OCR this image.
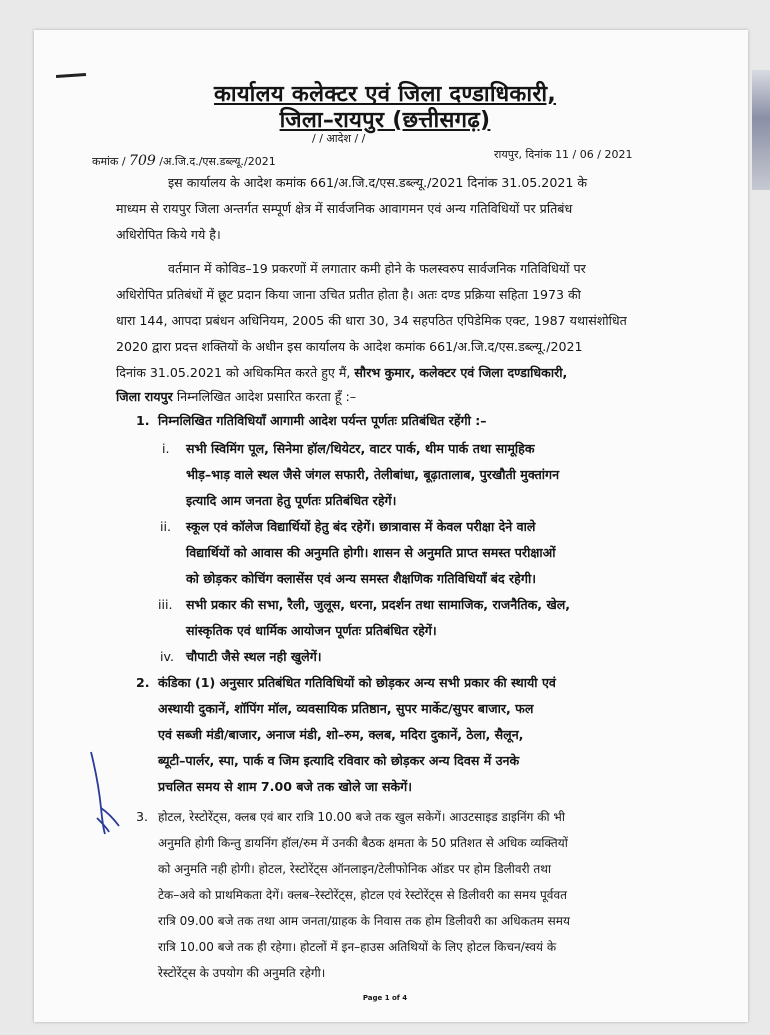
कार्यालय कलेक्टर एवं जिला दण्डाधिकारी,
जिला–रायपुर (छत्तीसगढ़)
/ / आदेश / /
कमांक / 709 /अ.जि.द./एस.डब्ल्यू./2021
रायपुर, दिनांक 11 / 06 / 2021
इस कार्यालय के आदेश कमांक 661/अ.जि.द/एस.डब्ल्यू./2021 दिनांक 31.05.2021 के
माध्यम से रायपुर जिला अन्तर्गत सम्पूर्ण क्षेत्र में सार्वजनिक आवागमन एवं अन्य गतिविधियों पर प्रतिबंध
अधिरोपित किये गये है।
वर्तमान में कोविड–19 प्रकरणों में लगातार कमी होने के फलस्वरुप सार्वजनिक गतिविधियों पर
अधिरोपित प्रतिबंधों में छूट प्रदान किया जाना उचित प्रतीत होता है। अतः दण्ड प्रक्रिया सहिता 1973 की
धारा 144, आपदा प्रबंधन अधिनियम, 2005 की धारा 30, 34 सहपठित एपिडेमिक एक्ट, 1987 यथासंशोधित
2020 द्वारा प्रदत्त शक्तियों के अधीन इस कार्यालय के आदेश कमांक 661/अ.जि.द/एस.डब्ल्यू./2021
दिनांक 31.05.2021 को अधिकमित करते हुए मैं, सौरभ कुमार, कलेक्टर एवं जिला दण्डाधिकारी,
जिला रायपुर निम्नलिखित आदेश प्रसारित करता हूँ :–
1. निम्नलिखित गतिविधियाँ आगामी आदेश पर्यन्त पूर्णतः प्रतिबंधित रहेंगी :–
i. सभी स्विमिंग पूल, सिनेमा हॉल/थियेटर, वाटर पार्क, थीम पार्क तथा सामूहिक
भीड़–भाड़ वाले स्थल जैसे जंगल सफारी, तेलीबांधा, बूढ़ातालाब, पुरखौती मुक्तांगन
इत्यादि आम जनता हेतु पूर्णतः प्रतिबंधित रहेगें।
ii. स्कूल एवं कॉलेज विद्यार्थियों हेतु बंद रहेगें। छात्रावास में केवल परीक्षा देने वाले
विद्यार्थियों को आवास की अनुमति होगी। शासन से अनुमति प्राप्त समस्त परीक्षाओं
को छोड़कर कोचिंग क्लासेंस एवं अन्य समस्त शैक्षणिक गतिविधियाँ बंद रहेगी।
iii. सभी प्रकार की सभा, रैली, जुलूस, धरना, प्रदर्शन तथा सामाजिक, राजनैतिक, खेल,
सांस्कृतिक एवं धार्मिक आयोजन पूर्णतः प्रतिबंधित रहेगें।
iv. चौपाटी जैसे स्थल नही खुलेगें।
2. कंडिका (1) अनुसार प्रतिबंधित गतिविधियों को छोड़कर अन्य सभी प्रकार की स्थायी एवं
अस्थायी दुकानें, शॉपिंग मॉल, व्यवसायिक प्रतिष्ठान, सुपर मार्केट/सुपर बाजार, फल
एवं सब्जी मंडी/बाजार, अनाज मंडी, शो–रुम, क्लब, मदिरा दुकानें, ठेला, सैलून,
ब्यूटी–पार्लर, स्पा, पार्क व जिम इत्यादि रविवार को छोड़कर अन्य दिवस में उनके
प्रचलित समय से शाम 7.00 बजे तक खोले जा सकेगें।
3. होटल, रेस्टोरेंट्स, क्लब एवं बार रात्रि 10.00 बजे तक खुल सकेगें। आउटसाइड डाइनिंग की भी
अनुमति होगी किन्तु डायनिंग हॉल/रुम में उनकी बैठक क्षमता के 50 प्रतिशत से अधिक व्यक्तियों
को अनुमति नही होगी। होटल, रेस्टोरेंट्स ऑनलाइन/टेलीफोनिक ऑडर पर होम डिलीवरी तथा
टेक–अवे को प्राथमिकता देगें। क्लब–रेस्टोरेंट्स, होटल एवं रेस्टोरेंट्स से डिलीवरी का समय पूर्ववत
रात्रि 09.00 बजे तक तथा आम जनता/ग्राहक के निवास तक होम डिलीवरी का अधिकतम समय
रात्रि 10.00 बजे तक ही रहेगा। होटलों में इन–हाउस अतिथियों के लिए होटल किचन/स्वयं के
रेस्टोरेंट्स के उपयोग की अनुमति रहेगी।
Page 1 of 4
